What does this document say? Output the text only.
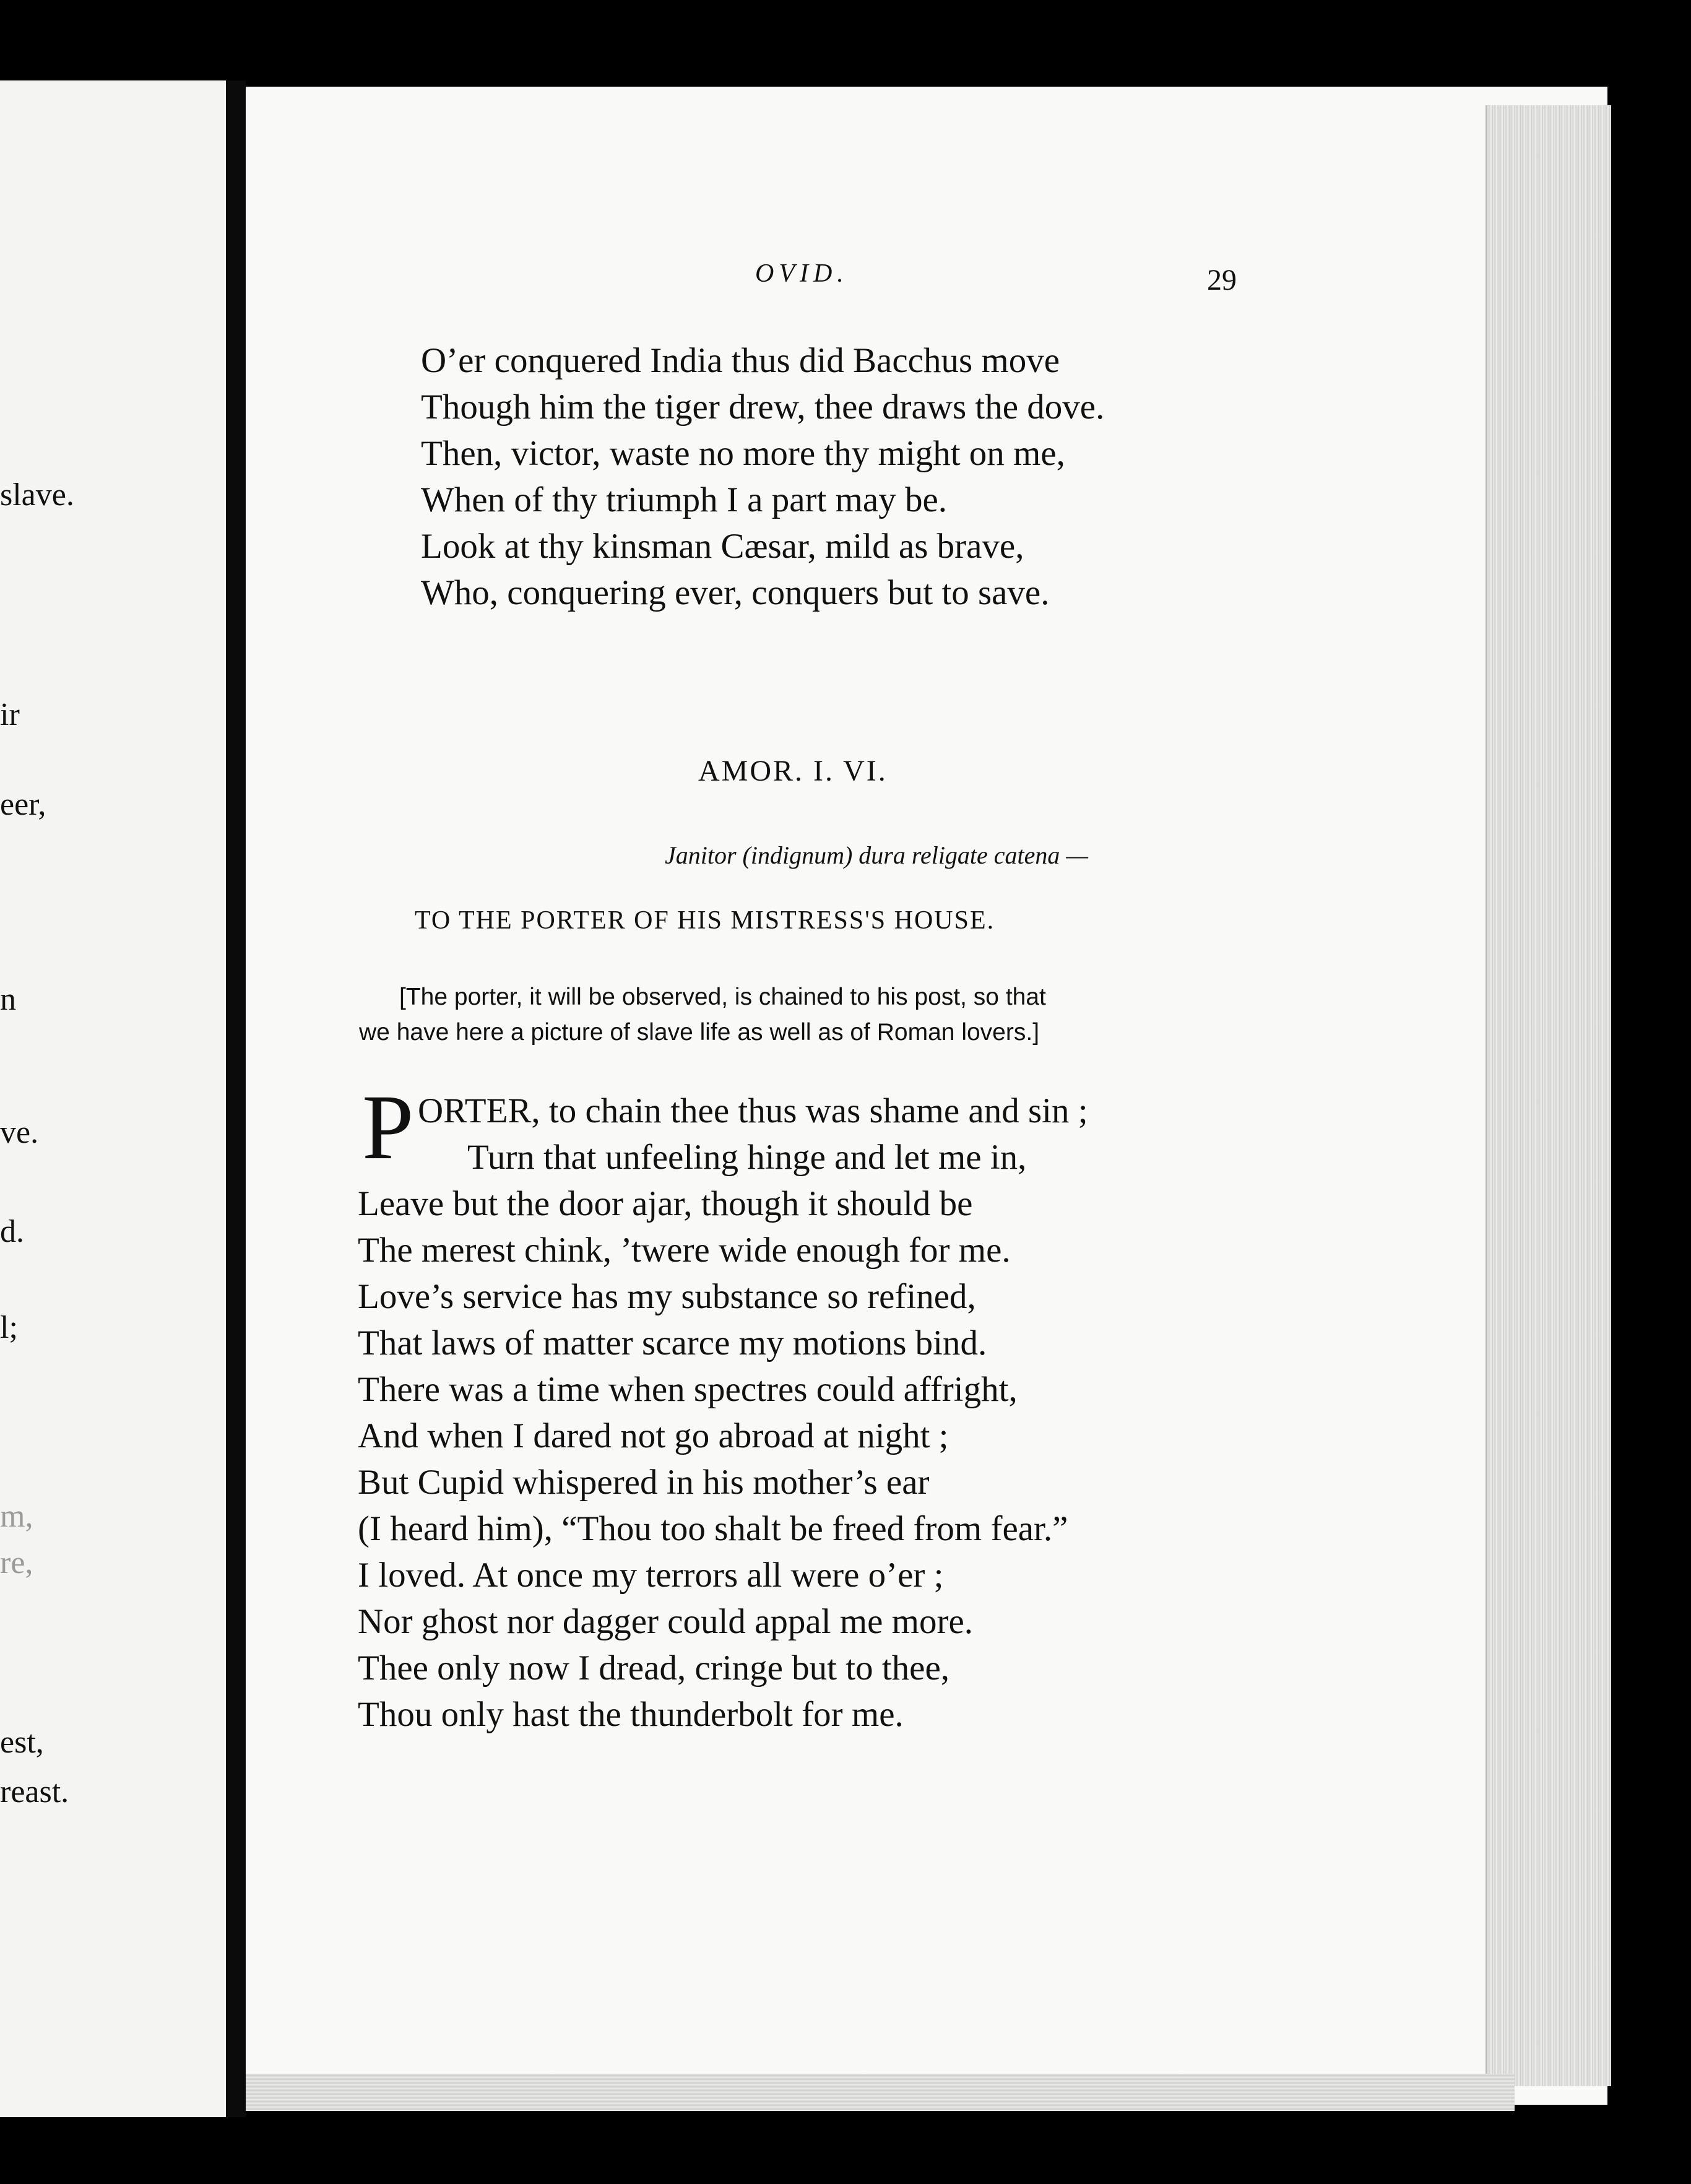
slave.
ir
eer,
n
ve.
d.
l;
m,
re,
est,
reast.
OVID.	29
O’er conquered India thus did Bacchus move
Though him the tiger drew, thee draws the dove.
Then, victor, waste no more thy might on me,
When of thy triumph I a part may be.
Look at thy kinsman Cæsar, mild as brave,
Who, conquering ever, conquers but to save.
AMOR. I. VI.
Janitor (indignum) dura religate catena —
TO THE PORTER OF HIS MISTRESS'S HOUSE.
[The porter, it will be observed, is chained to his post, so that
we have here a picture of slave life as well as of Roman lovers.]
P ORTER, to chain thee thus was shame and sin ;
Turn that unfeeling hinge and let me in,
Leave but the door ajar, though it should be
The merest chink, ’twere wide enough for me.
Love’s service has my substance so refined,
That laws of matter scarce my motions bind.
There was a time when spectres could affright,
And when I dared not go abroad at night ;
But Cupid whispered in his mother’s ear
(I heard him), “Thou too shalt be freed from fear.”
I loved. At once my terrors all were o’er ;
Nor ghost nor dagger could appal me more.
Thee only now I dread, cringe but to thee,
Thou only hast the thunderbolt for me.
